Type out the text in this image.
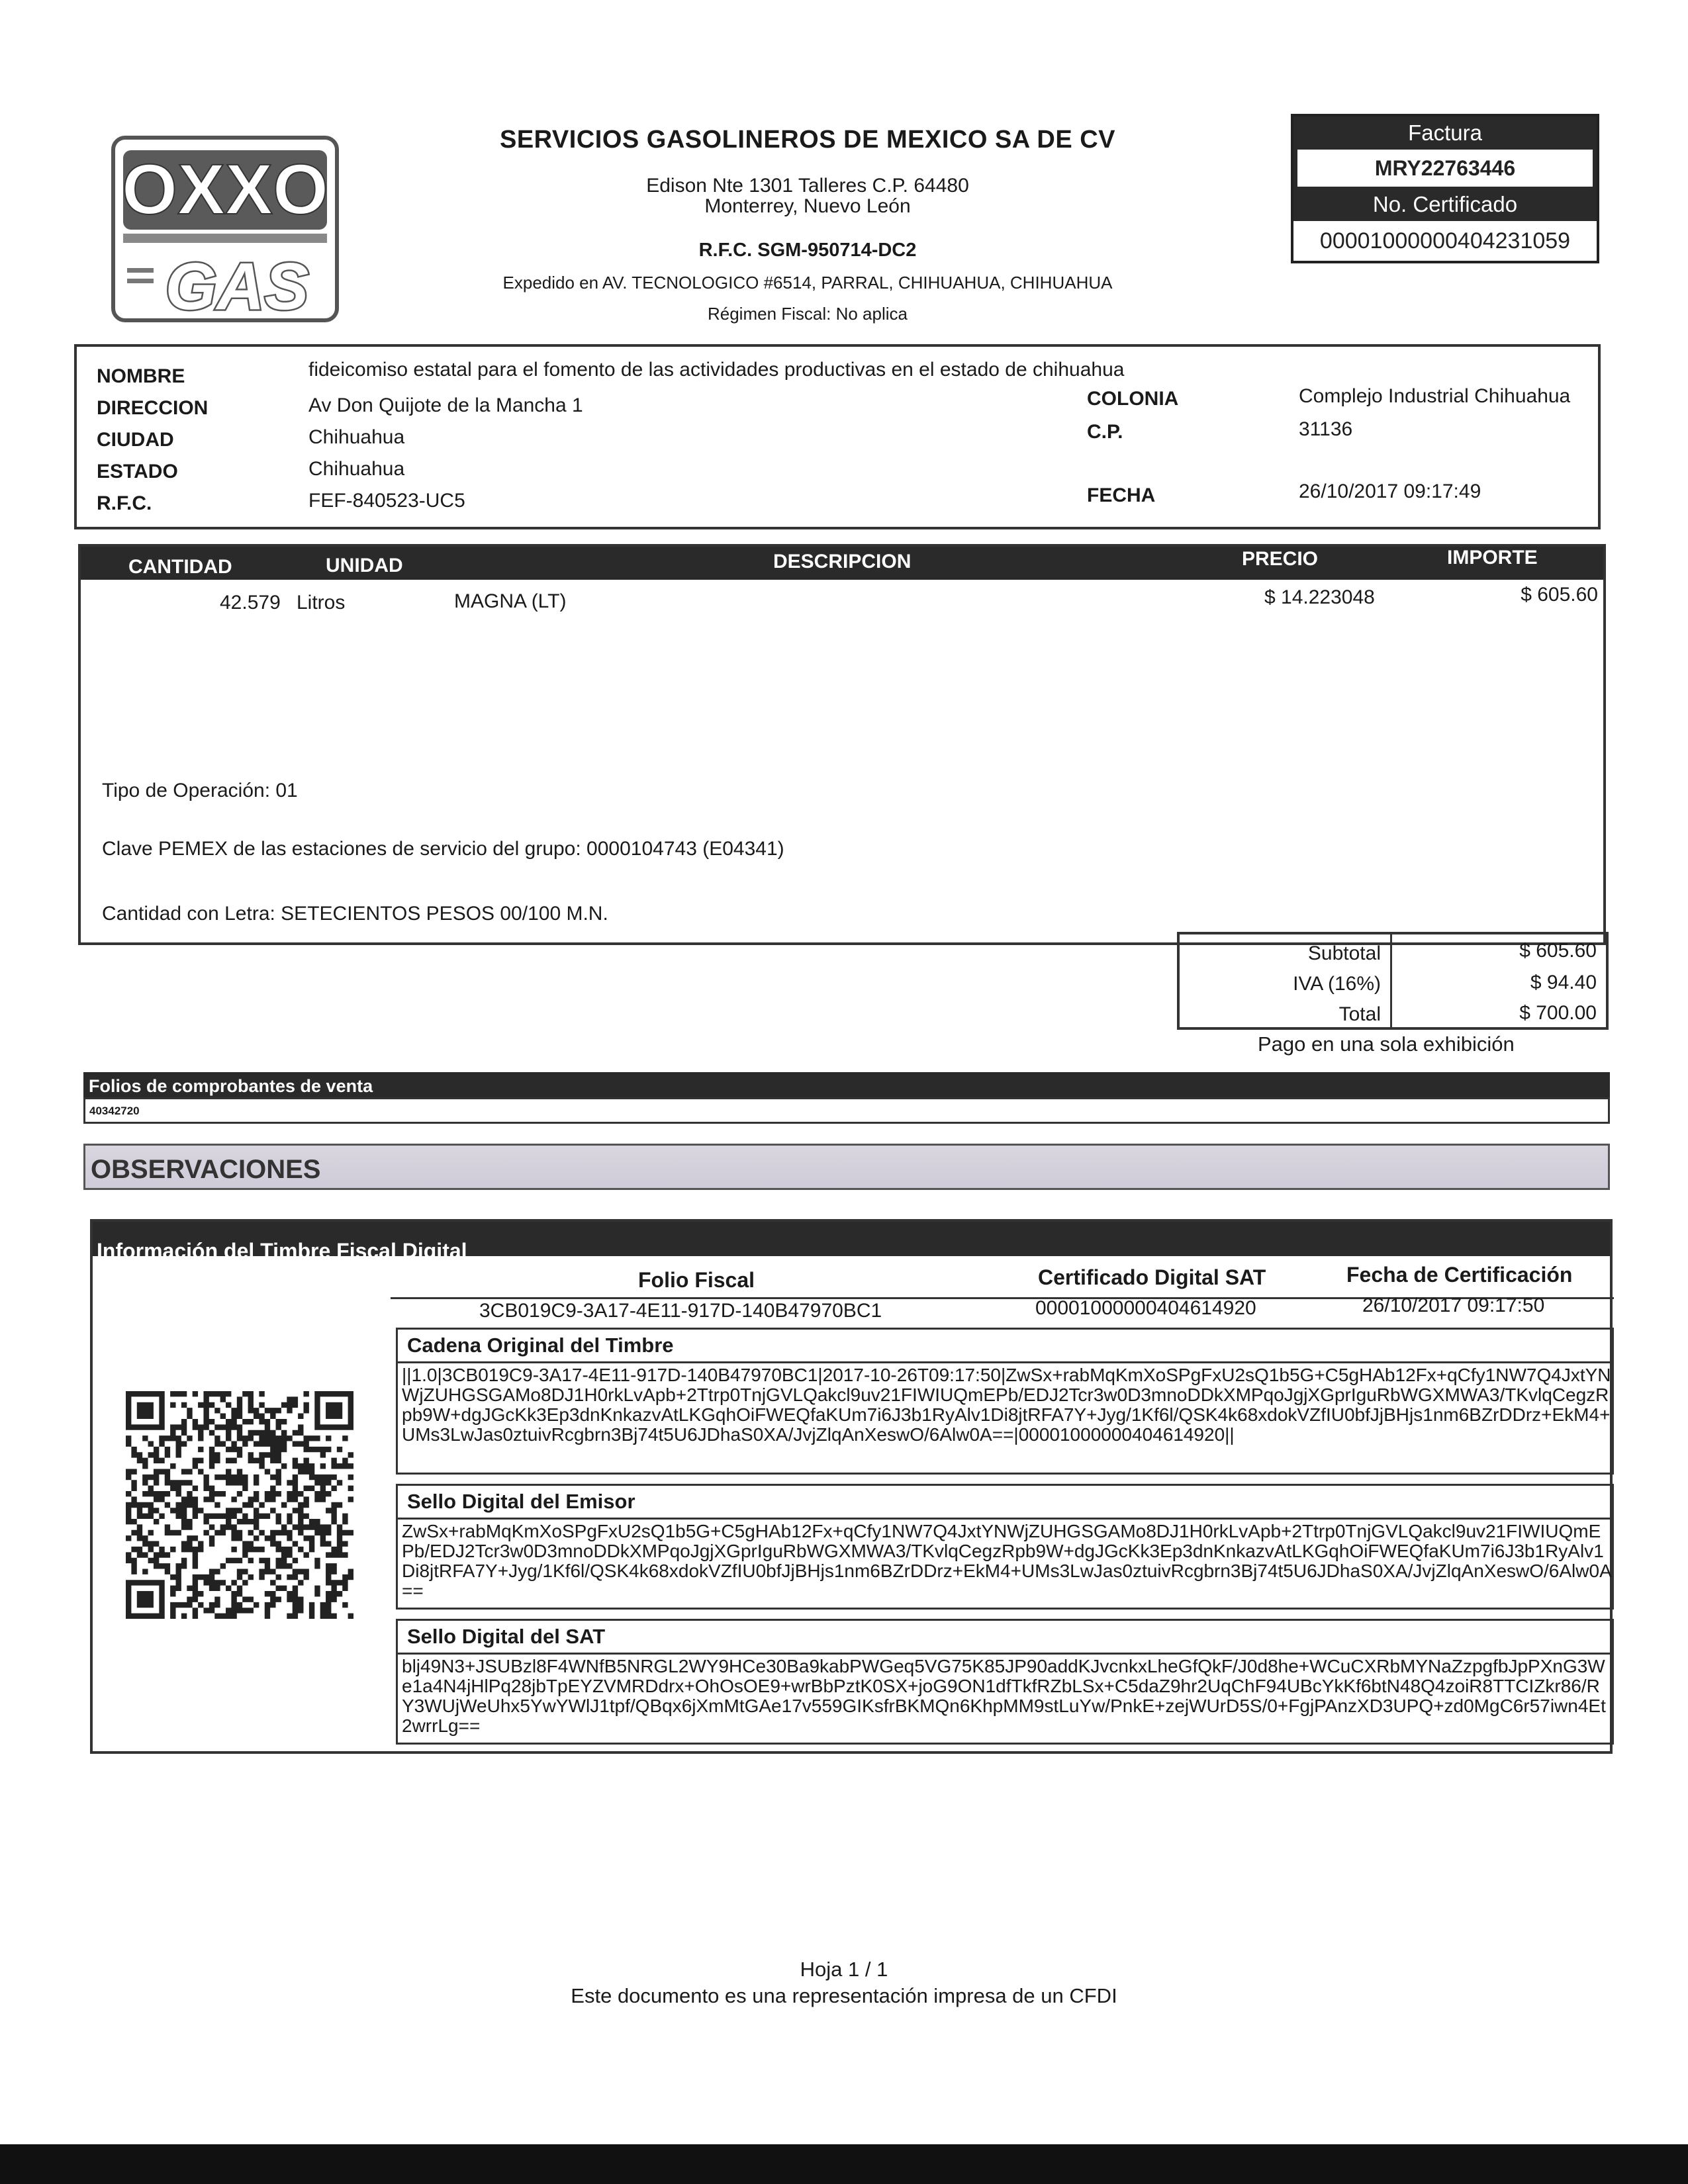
OXXO
GAS
SERVICIOS GASOLINEROS DE MEXICO SA DE CV
Edison Nte 1301 Talleres C.P. 64480
Monterrey, Nuevo León
R.F.C. SGM-950714-DC2
Expedido en AV. TECNOLOGICO #6514, PARRAL, CHIHUAHUA, CHIHUAHUA
Régimen Fiscal: No aplica
Factura
MRY22763446
No. Certificado
00001000000404231059
NOMBRE	fideicomiso estatal para el fomento de las actividades productivas en el estado de chihuahua
DIRECCION	Av Don Quijote de la Mancha 1
CIUDAD	Chihuahua
ESTADO	Chihuahua
R.F.C.	FEF-840523-UC5
COLONIA	Complejo Industrial Chihuahua
C.P.	31136
FECHA	26/10/2017 09:17:49
CANTIDAD	UNIDAD	DESCRIPCION	PRECIO	IMPORTE
42.579 Litros	MAGNA (LT)	$ 14.223048	$ 605.60
Tipo de Operación: 01
Clave PEMEX de las estaciones de servicio del grupo: 0000104743 (E04341)
Cantidad con Letra: SETECIENTOS PESOS 00/100 M.N.
Subtotal	$ 605.60
IVA (16%)	$ 94.40
Total	$ 700.00
Pago en una sola exhibición
Folios de comprobantes de venta
40342720
OBSERVACIONES
Información del Timbre Fiscal Digital
Folio Fiscal	Certificado Digital SAT	Fecha de Certificación
3CB019C9-3A17-4E11-917D-140B47970BC1	00001000000404614920	26/10/2017 09:17:50
Cadena Original del Timbre
||1.0|3CB019C9-3A17-4E11-917D-140B47970BC1|2017-10-26T09:17:50|ZwSx+rabMqKmXoSPgFxU2sQ1b5G+C5gHAb12Fx+qCfy1NW7Q4JxtYNWjZUHGSGAMo8DJ1H0rkLvApb+2Ttrp0TnjGVLQakcl9uv21FIWIUQmEPb/EDJ2Tcr3w0D3mnoDDkXMPqoJgjXGprIguRbWGXMWA3/TKvlqCegzRpb9W+dgJGcKk3Ep3dnKnkazvAtLKGqhOiFWEQfaKUm7i6J3b1RyAlv1Di8jtRFA7Y+Jyg/1Kf6l/QSK4k68xdokVZfIU0bfJjBHjs1nm6BZrDDrz+EkM4+UMs3LwJas0ztuivRcgbrn3Bj74t5U6JDhaS0XA/JvjZlqAnXeswO/6Alw0A==|00001000000404614920||
Sello Digital del Emisor
ZwSx+rabMqKmXoSPgFxU2sQ1b5G+C5gHAb12Fx+qCfy1NW7Q4JxtYNWjZUHGSGAMo8DJ1H0rkLvApb+2Ttrp0TnjGVLQakcl9uv21FIWIUQmEPb/EDJ2Tcr3w0D3mnoDDkXMPqoJgjXGprIguRbWGXMWA3/TKvlqCegzRpb9W+dgJGcKk3Ep3dnKnkazvAtLKGqhOiFWEQfaKUm7i6J3b1RyAlv1Di8jtRFA7Y+Jyg/1Kf6l/QSK4k68xdokVZfIU0bfJjBHjs1nm6BZrDDrz+EkM4+UMs3LwJas0ztuivRcgbrn3Bj74t5U6JDhaS0XA/JvjZlqAnXeswO/6Alw0A==
Sello Digital del SAT
blj49N3+JSUBzl8F4WNfB5NRGL2WY9HCe30Ba9kabPWGeq5VG75K85JP90addKJvcnkxLheGfQkF/J0d8he+WCuCXRbMYNaZzpgfbJpPXnG3We1a4N4jHlPq28jbTpEYZVMRDdrx+OhOsOE9+wrBbPztK0SX+joG9ON1dfTkfRZbLSx+C5daZ9hr2UqChF94UBcYkKf6btN48Q4zoiR8TTCIZkr86/RY3WUjWeUhx5YwYWlJ1tpf/QBqx6jXmMtGAe17v559GIKsfrBKMQn6KhpMM9stLuYw/PnkE+zejWUrD5S/0+FgjPAnzXD3UPQ+zd0MgC6r57iwn4Et2wrrLg==
Hoja 1 / 1
Este documento es una representación impresa de un CFDI
